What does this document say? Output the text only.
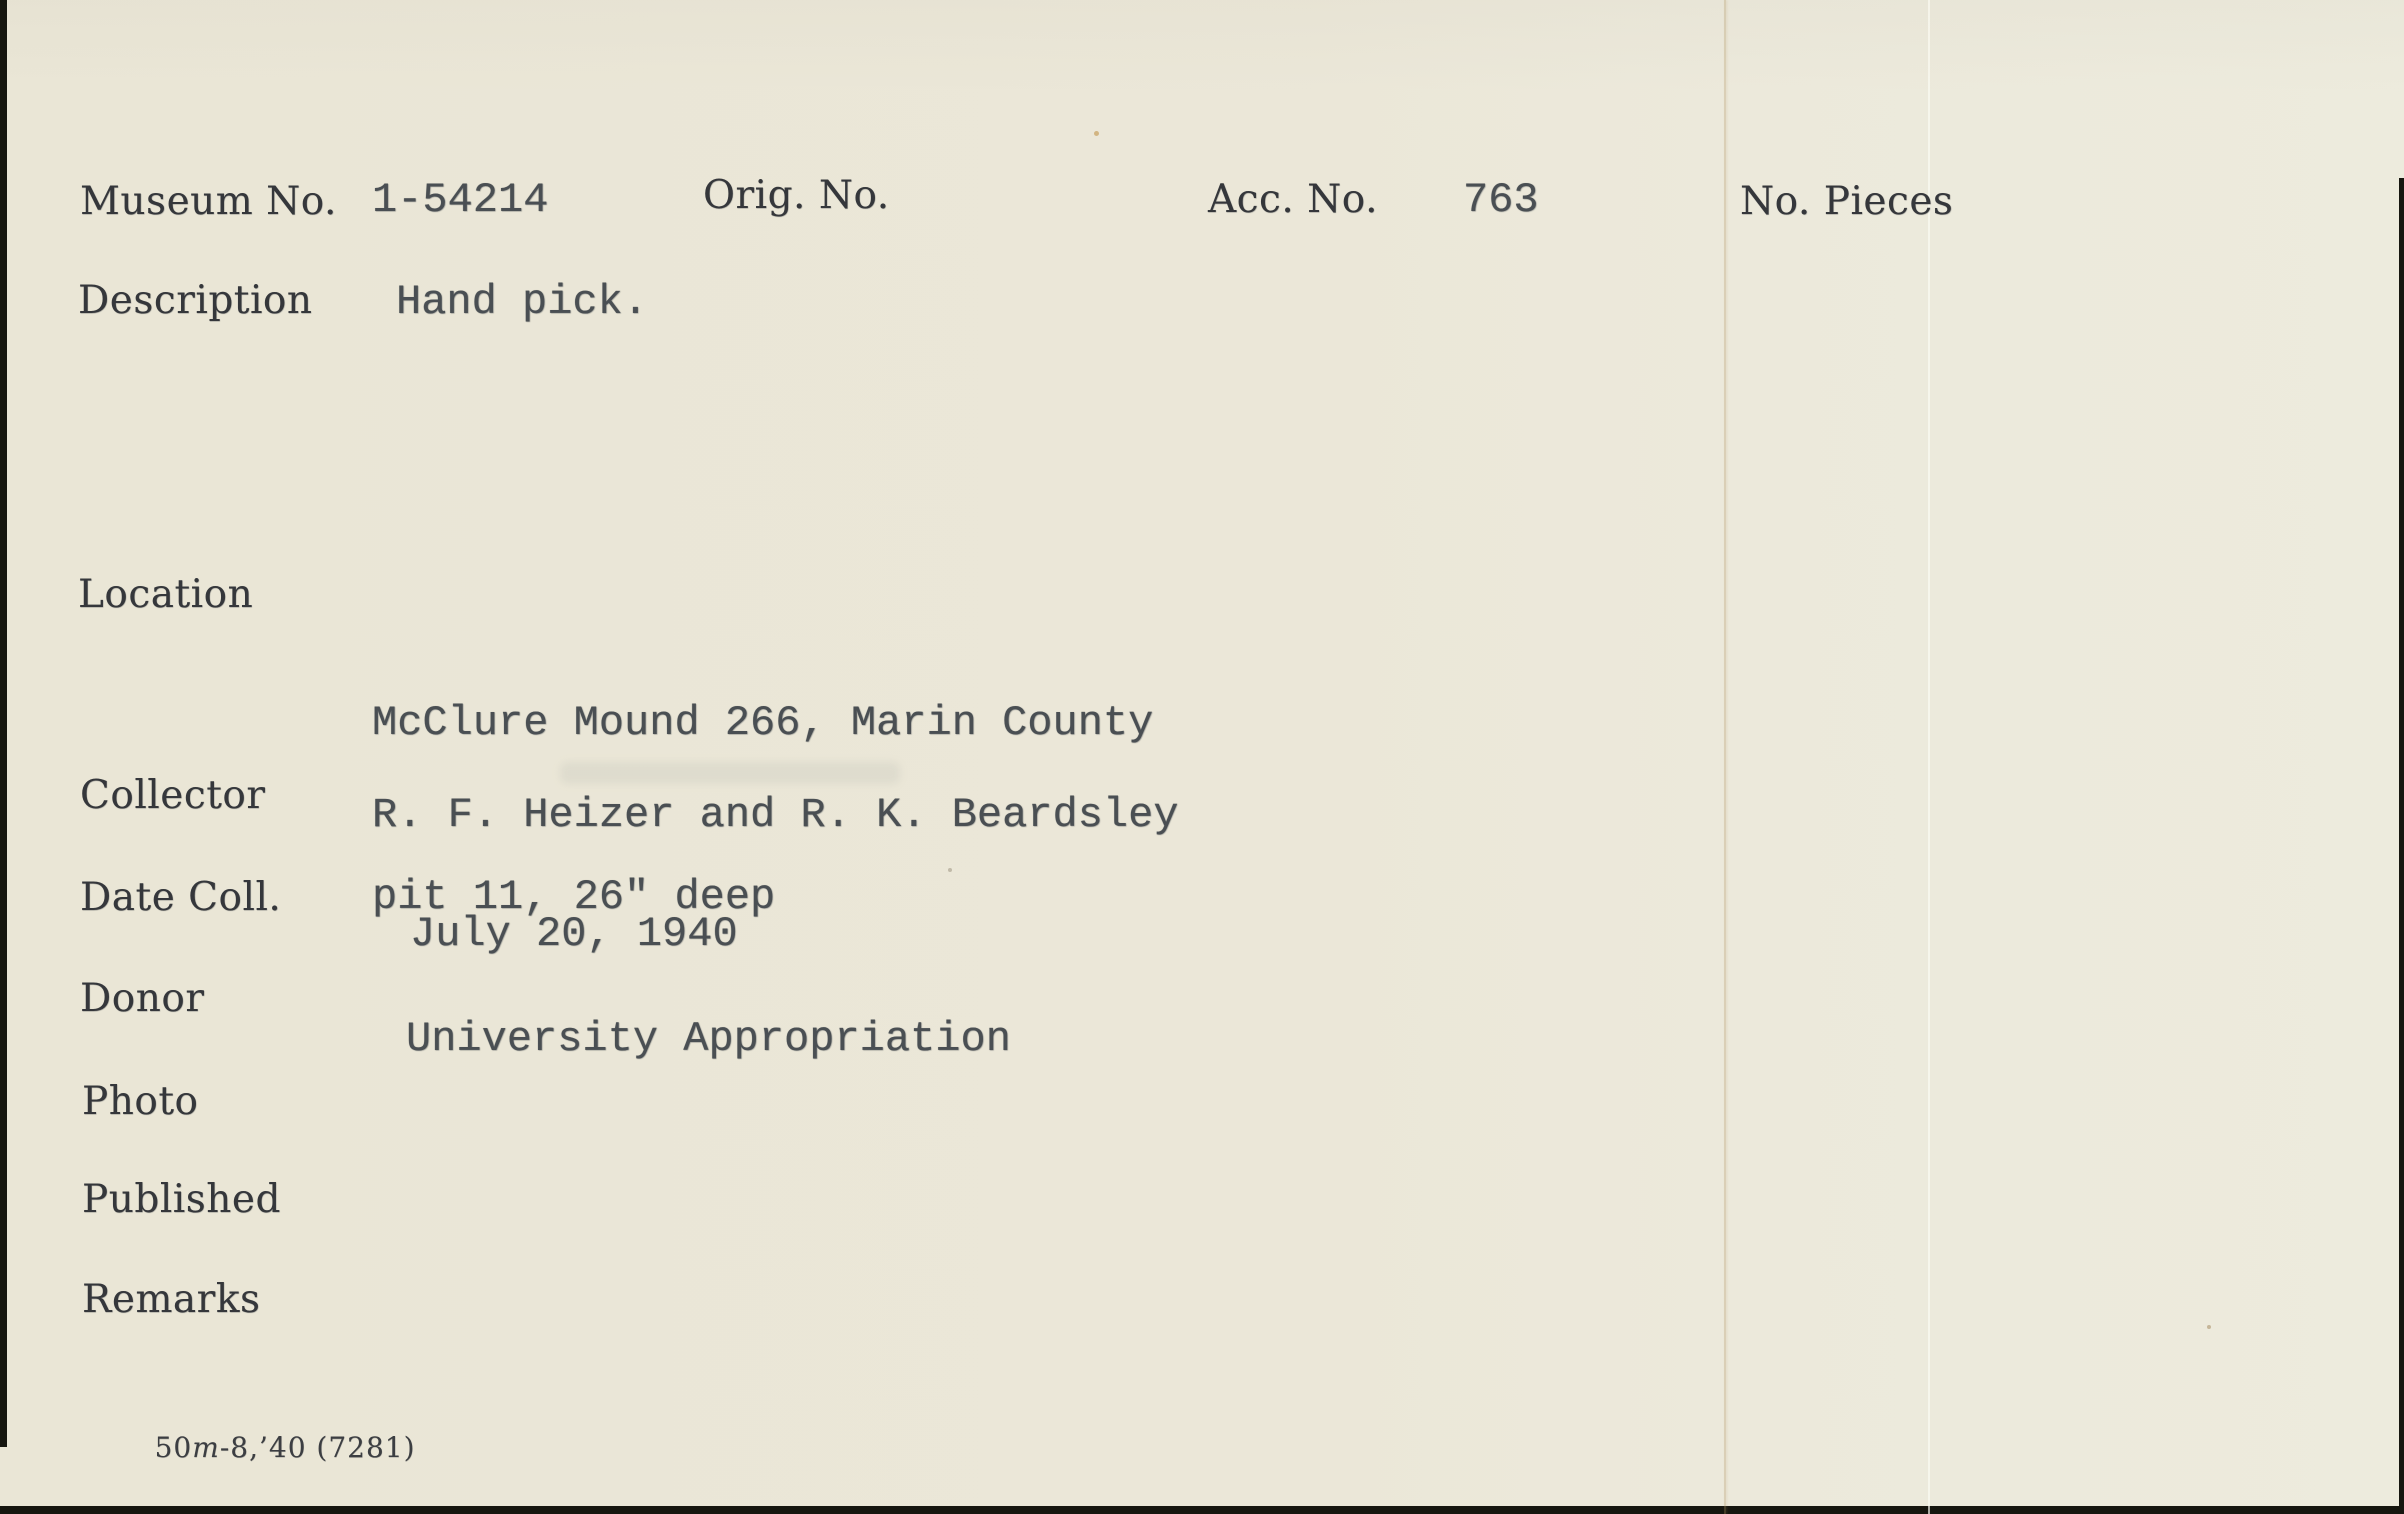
Museum No. 1-54214	Orig. No.	Acc. No. 763	No. Pieces
Description Hand pick.
Location

McClure Mound 266, Marin County

pit 11, 26" deep

Collector	R. F. Heizer and R. K. Beardsley
Date Coll.
July 20, 1940
Donor
University Appropriation
Photo
Published
Remarks

50m-8,’40 (7281)
